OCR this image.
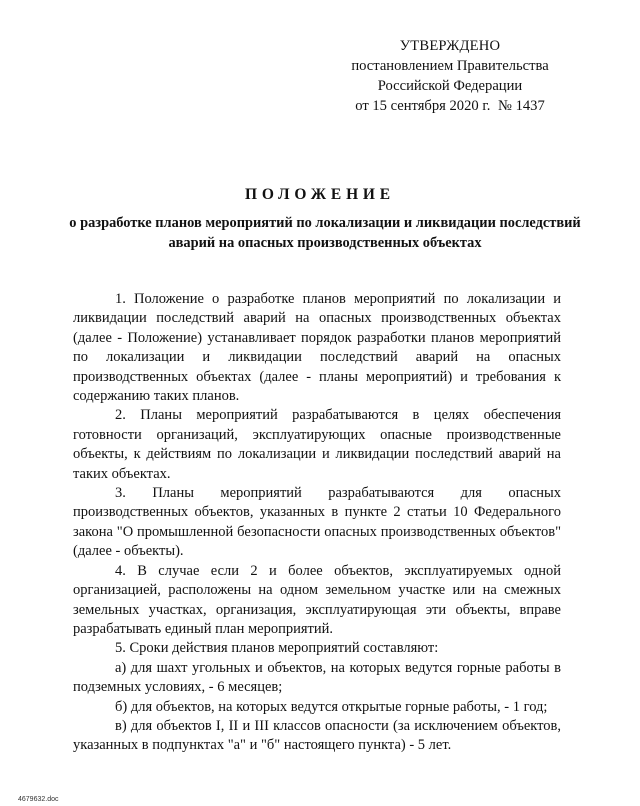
УТВЕРЖДЕНО
постановлением Правительства
Российской Федерации
от 15 сентября 2020 г. № 1437
ПОЛОЖЕНИЕ
о разработке планов мероприятий по локализации и ликвидации последствий аварий на опасных производственных объектах

1. Положение о разработке планов мероприятий по локализации и ликвидации последствий аварий на опасных производственных объектах (далее - Положение) устанавливает порядок разработки планов мероприятий по локализации и ликвидации последствий аварий на опасных производственных объектах (далее - планы мероприятий) и требования к содержанию таких планов.

2. Планы мероприятий разрабатываются в целях обеспечения готовности организаций, эксплуатирующих опасные производственные объекты, к действиям по локализации и ликвидации последствий аварий на таких объектах.

3. Планы мероприятий разрабатываются для опасных производственных объектов, указанных в пункте 2 статьи 10 Федерального закона "О промышленной безопасности опасных производственных объектов" (далее - объекты).

4. В случае если 2 и более объектов, эксплуатируемых одной организацией, расположены на одном земельном участке или на смежных земельных участках, организация, эксплуатирующая эти объекты, вправе разрабатывать единый план мероприятий.

5. Сроки действия планов мероприятий составляют:

а) для шахт угольных и объектов, на которых ведутся горные работы в подземных условиях, - 6 месяцев;

б) для объектов, на которых ведутся открытые горные работы, - 1 год;

в) для объектов I, II и III классов опасности (за исключением объектов, указанных в подпунктах "а" и "б" настоящего пункта) - 5 лет.

4679632.doc
